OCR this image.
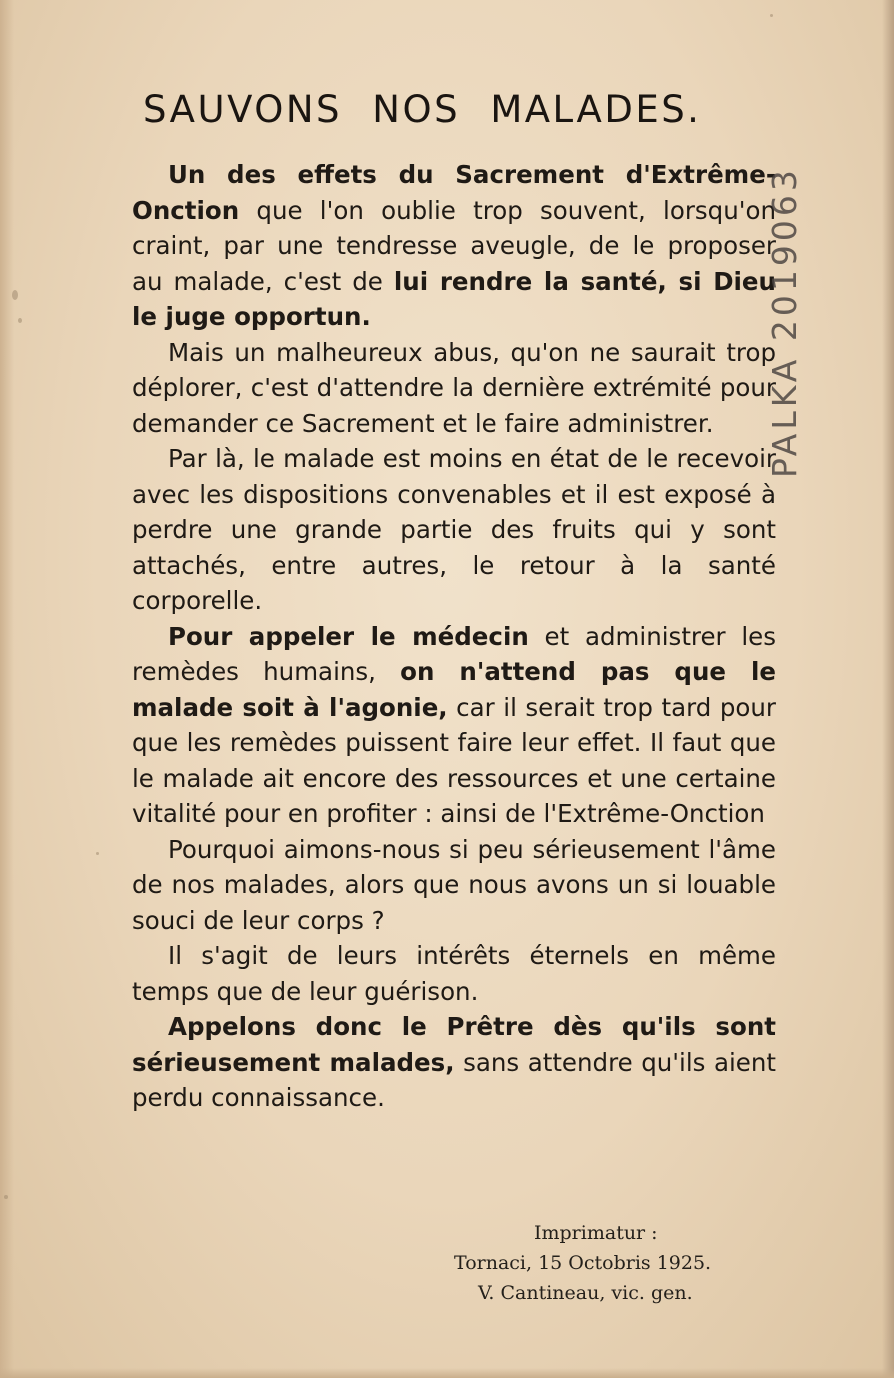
SAUVONS NOS MALADES.

Un des effets du Sacrement d'Extrême-Onction que l'on oublie trop souvent, lorsqu'on craint, par une tendresse aveugle, de le proposer au malade, c'est de lui rendre la santé, si Dieu le juge opportun.

Mais un malheureux abus, qu'on ne saurait trop déplorer, c'est d'attendre la dernière extrémité pour demander ce Sacrement et le faire administrer.

Par là, le malade est moins en état de le recevoir avec les dispositions convenables et il est exposé à perdre une grande partie des fruits qui y sont attachés, entre autres, le retour à la santé corporelle.

Pour appeler le médecin et administrer les remèdes humains, on n'attend pas que le malade soit à l'agonie, car il serait trop tard pour que les remèdes puissent faire leur effet. Il faut que le malade ait encore des ressources et une certaine vitalité pour en profiter : ainsi de l'Extrême-Onction

Pourquoi aimons-nous si peu sérieusement l'âme de nos malades, alors que nous avons un si louable souci de leur corps ?

Il s'agit de leurs intérêts éternels en même temps que de leur guérison.

Appelons donc le Prêtre dès qu'ils sont sérieusement malades, sans attendre qu'ils aient perdu connaissance.

Imprimatur :
Tornaci, 15 Octobris 1925.
V. Cantineau, vic. gen.
PALKA 2019063
